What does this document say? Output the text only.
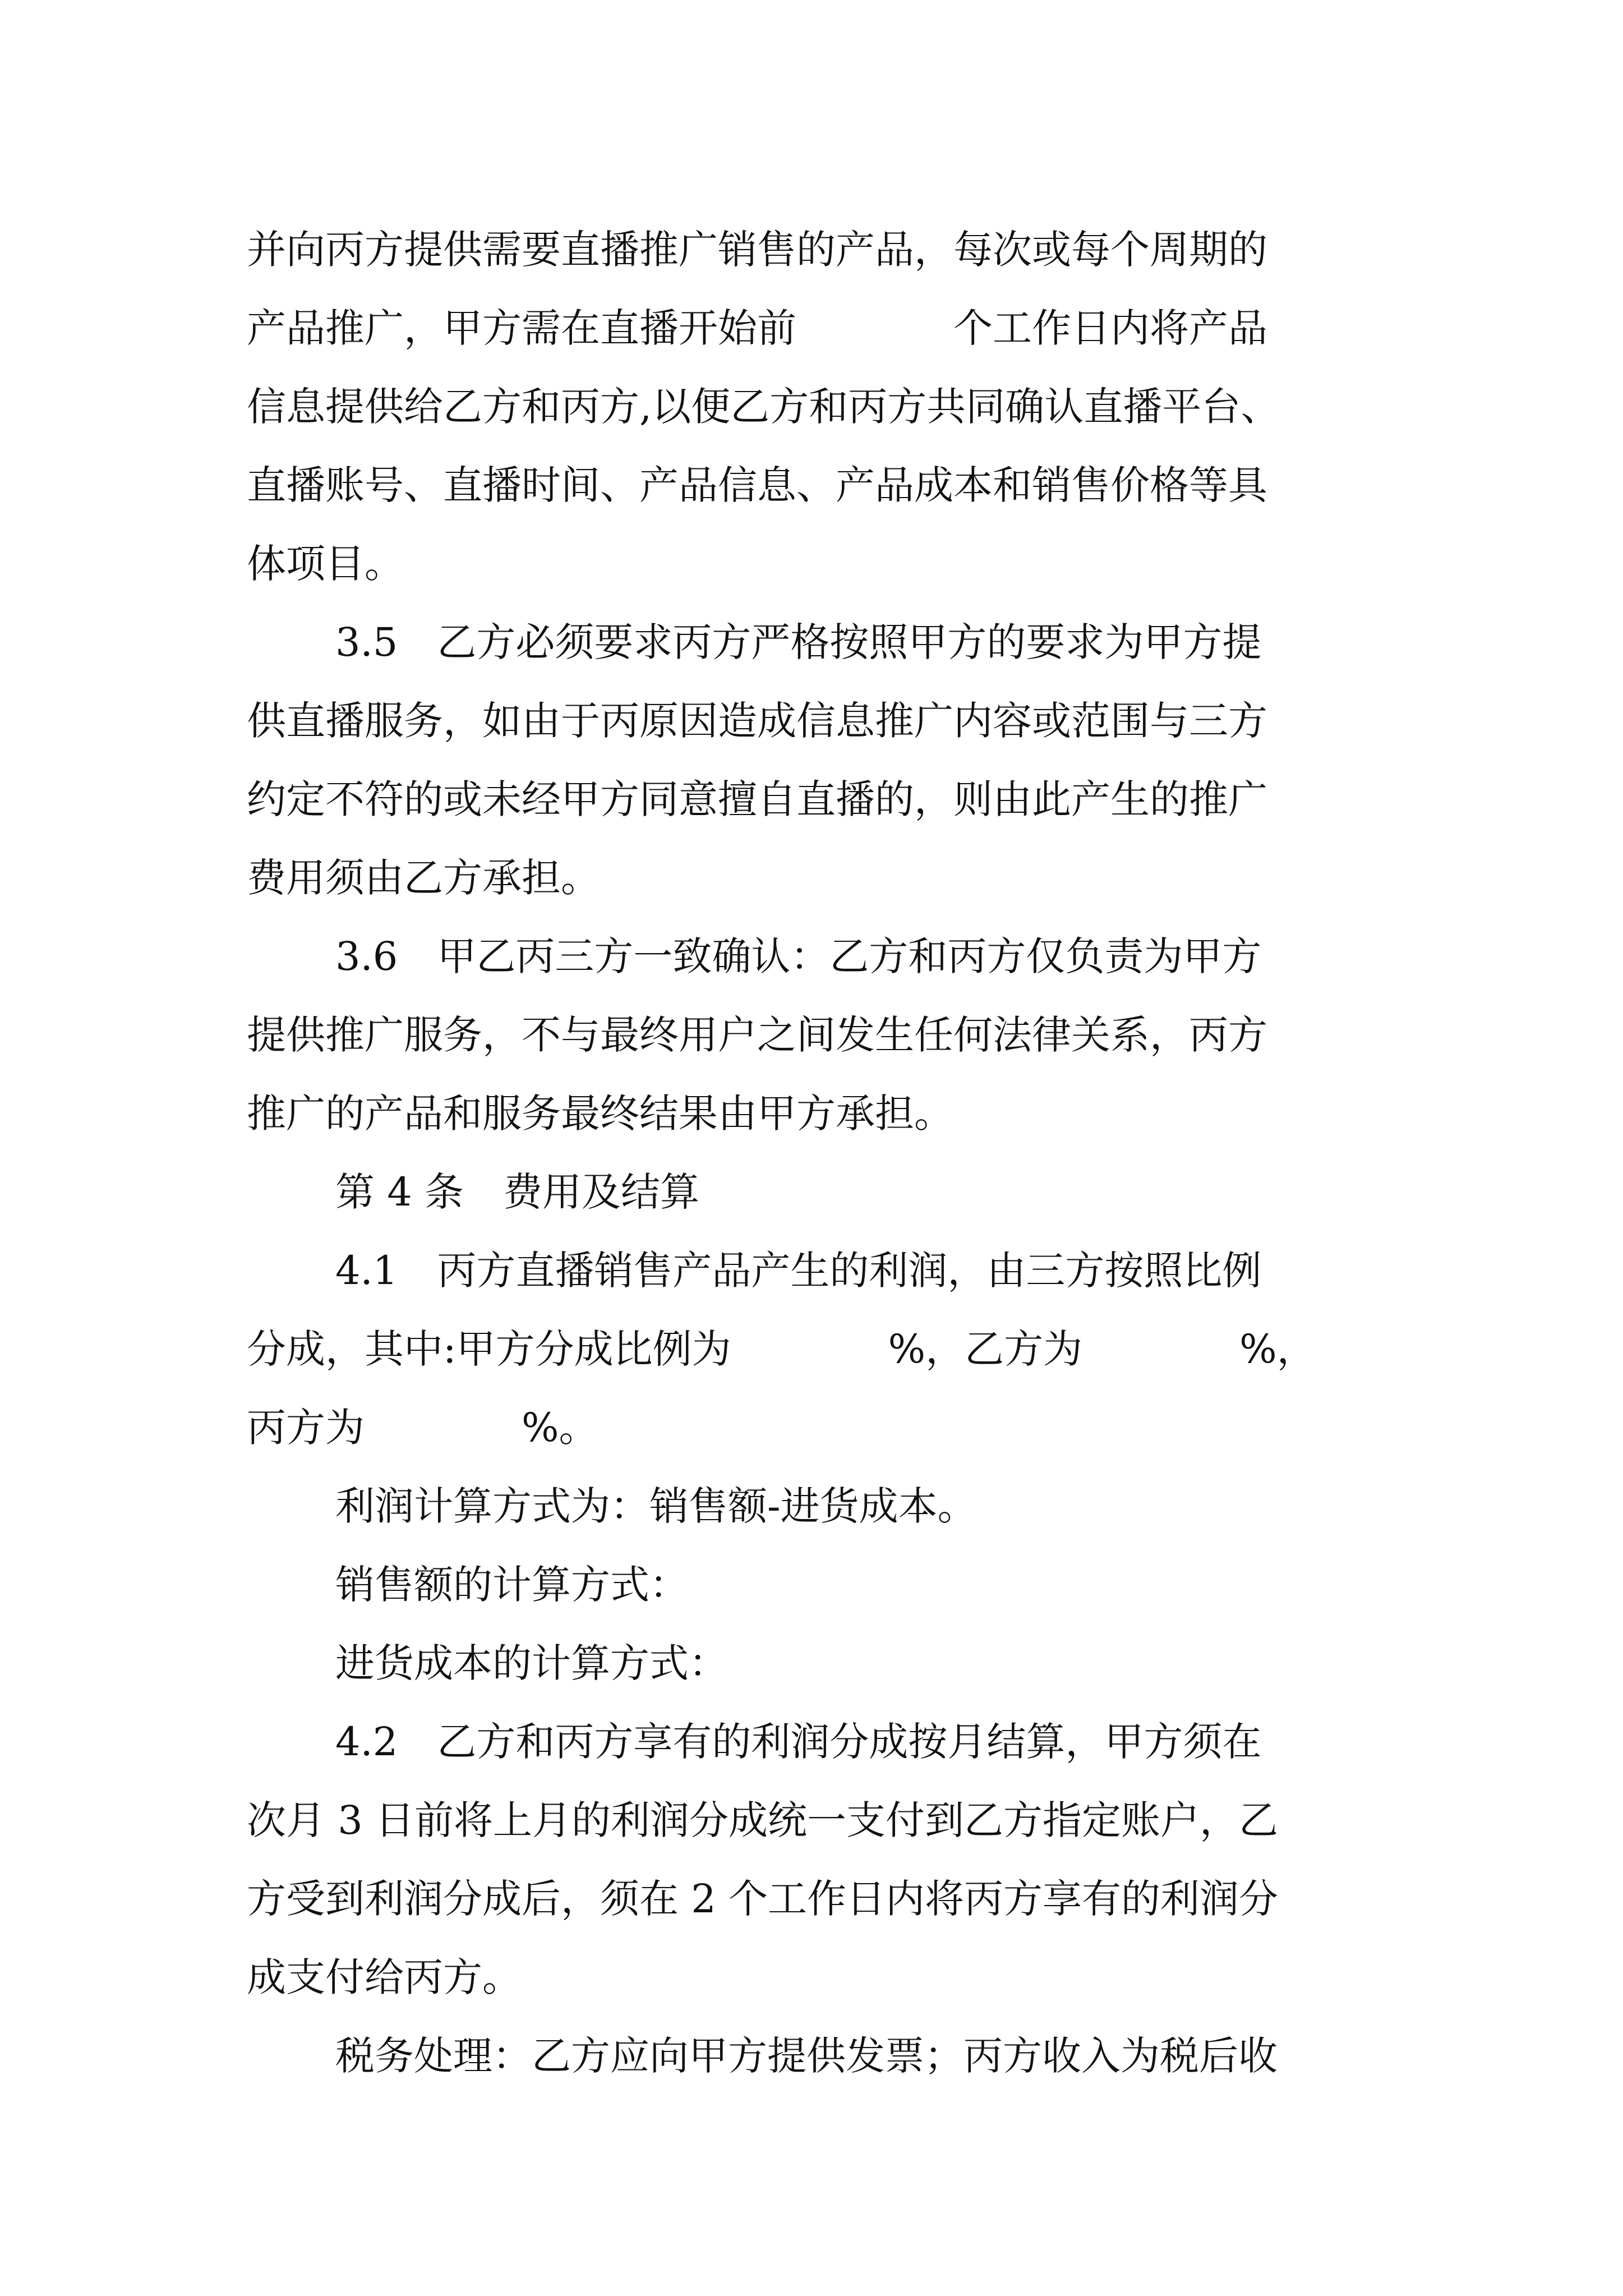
并向丙方提供需要直播推广销售的产品，每次或每个周期的
产品推广，甲方需在直播开始前　　　　个工作日内将产品
信息提供给乙方和丙方,以便乙方和丙方共同确认直播平台、
直播账号、直播时间、产品信息、产品成本和销售价格等具
体项目。
3.5　乙方必须要求丙方严格按照甲方的要求为甲方提
供直播服务，如由于丙原因造成信息推广内容或范围与三方
约定不符的或未经甲方同意擅自直播的，则由此产生的推广
费用须由乙方承担。
3.6　甲乙丙三方一致确认：乙方和丙方仅负责为甲方
提供推广服务，不与最终用户之间发生任何法律关系，丙方
推广的产品和服务最终结果由甲方承担。
第 4 条　费用及结算
4.1　丙方直播销售产品产生的利润，由三方按照比例
分成，其中:甲方分成比例为　　　　%，乙方为　　　　%，
丙方为　　　　%。
利润计算方式为：销售额-进货成本。
销售额的计算方式：
进货成本的计算方式：
4.2　乙方和丙方享有的利润分成按月结算，甲方须在
次月 3 日前将上月的利润分成统一支付到乙方指定账户，乙
方受到利润分成后，须在 2 个工作日内将丙方享有的利润分
成支付给丙方。
税务处理：乙方应向甲方提供发票；丙方收入为税后收
